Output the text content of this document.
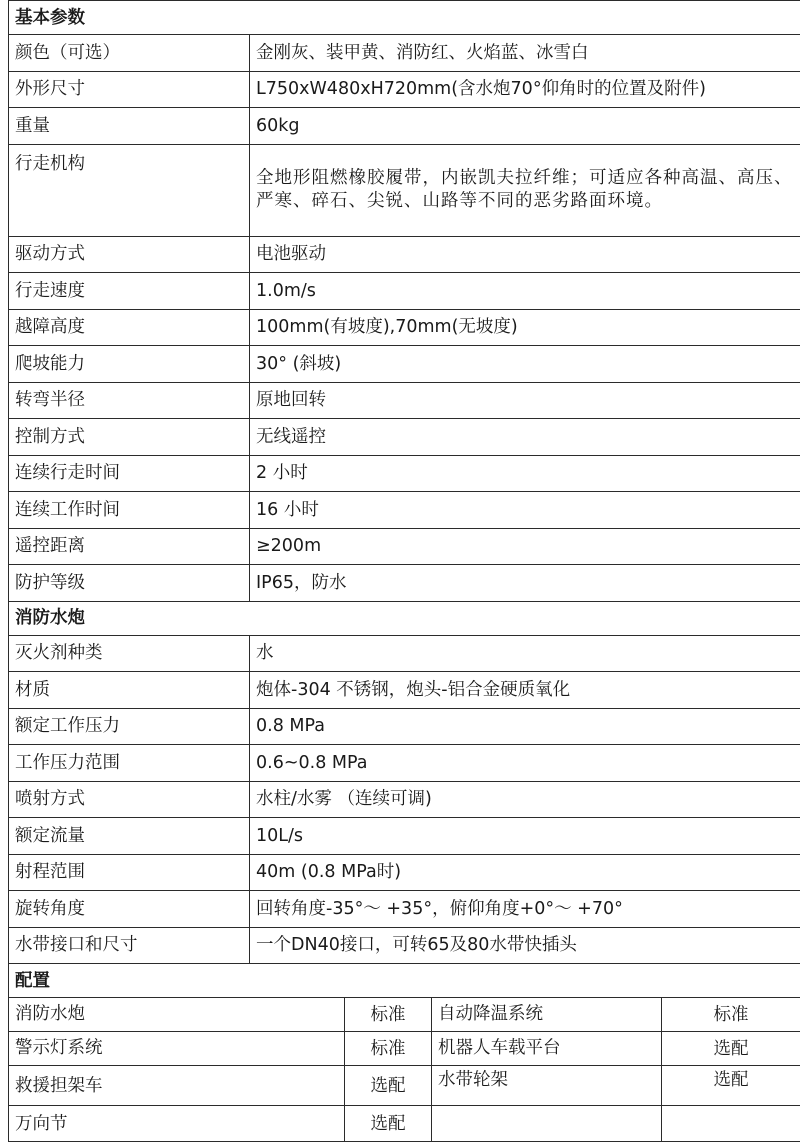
基本参数				
颜色（可选）	金刚灰、装甲黄、消防红、火焰蓝、冰雪白			
外形尺寸	L750xW480xH720mm(含水炮70°仰角时的位置及附件)			
重量	60kg			
行走机构	全地形阻燃橡胶履带，内嵌凯夫拉纤维；可适应各种高温、高压、严寒、碎石、尖锐、山路等不同的恶劣路面环境。			
驱动方式	电池驱动			
行走速度	1.0m/s			
越障高度	100mm(有坡度),70mm(无坡度)			
爬坡能力	30° (斜坡)			
转弯半径	原地回转			
控制方式	无线遥控			
连续行走时间	2 小时			
连续工作时间	16 小时			
遥控距离	≥200m			
防护等级	IP65，防水			
消防水炮				
灭火剂种类	水			
材质	炮体-304 不锈钢，炮头-铝合金硬质氧化			
额定工作压力	0.8 MPa			
工作压力范围	0.6~0.8 MPa			
喷射方式	水柱/水雾 （连续可调)			
额定流量	10L/s			
射程范围	40m (0.8 MPa时)			
旋转角度	回转角度-35°～ +35°，俯仰角度+0°～ +70°			
水带接口和尺寸	一个DN40接口，可转65及80水带快插头			
配置				
消防水炮		标准	自动降温系统	标准
警示灯系统		标准	机器人车载平台	选配
救援担架车		选配	水带轮架	选配
万向节		选配		
